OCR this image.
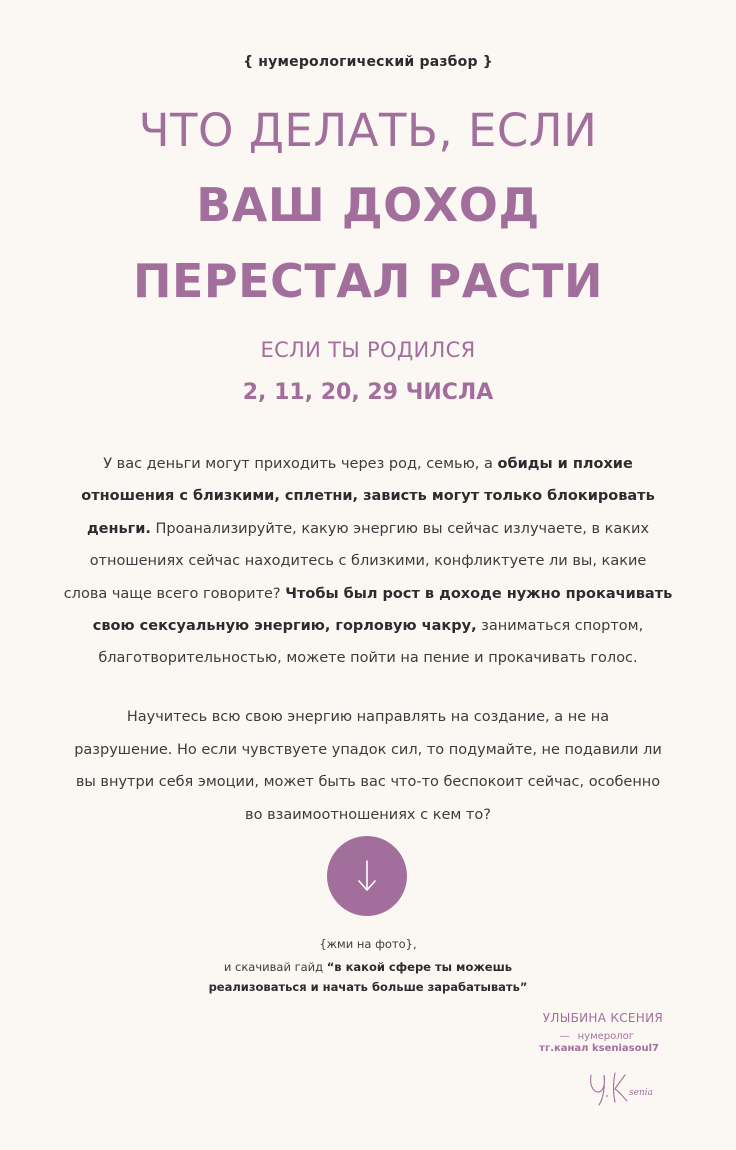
{ нумерологический разбор }
ЧТО ДЕЛАТЬ, ЕСЛИ
ВАШ ДОХОД
ПЕРЕСТАЛ РАСТИ
ЕСЛИ ТЫ РОДИЛСЯ
2, 11, 20, 29 ЧИСЛА
У вас деньги могут приходить через род, семью, а обиды и плохие
отношения с близкими, сплетни, зависть могут только блокировать
деньги. Проанализируйте, какую энергию вы сейчас излучаете, в каких
отношениях сейчас находитесь с близкими, конфликтуете ли вы, какие
слова чаще всего говорите? Чтобы был рост в доходе нужно прокачивать
свою сексуальную энергию, горловую чакру, заниматься спортом,
благотворительностью, можете пойти на пение и прокачивать голос.
Научитесь всю свою энергию направлять на создание, а не на
разрушение. Но если чувствуете упадок сил, то подумайте, не подавили ли
вы внутри себя эмоции, может быть вас что-то беспокоит сейчас, особенно
во взаимоотношениях с кем то?
{жми на фото},
и скачивай гайд “в какой сфере ты можешь
реализоваться и начать больше зарабатывать”
УЛЫБИНА КСЕНИЯ
— нумеролог
тг.канал kseniasoul7
senia
